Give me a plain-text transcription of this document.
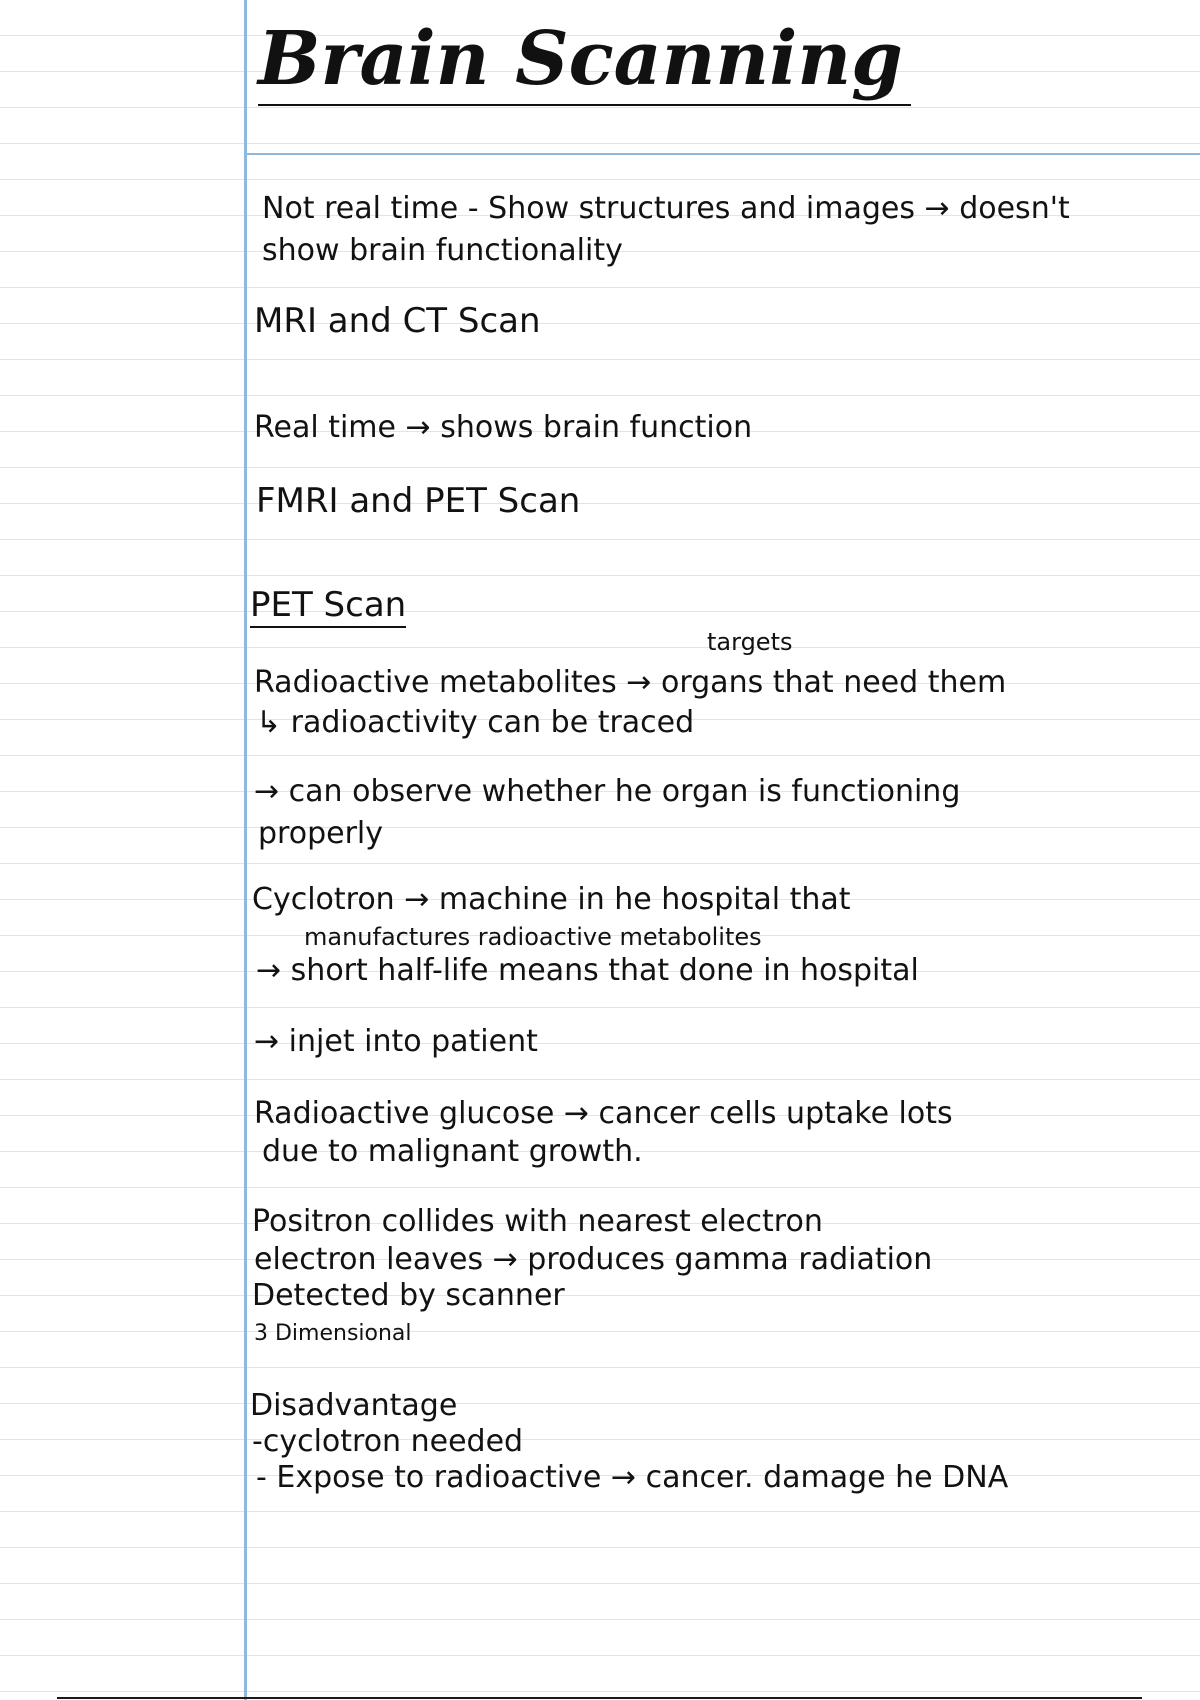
Brain Scanning

Not real time - Show structures and images → doesn't

show brain functionality

MRI and CT Scan

Real time → shows brain function

FMRI and PET Scan

PET Scan

targets

Radioactive metabolites → organs that need them

↳ radioactivity can be traced

→ can observe whether he organ is functioning

properly

Cyclotron → machine in he hospital that

manufactures radioactive metabolites

→ short half-life means that done in hospital

→ injet into patient

Radioactive glucose → cancer cells uptake lots

due to malignant growth.

Positron collides with nearest electron

electron leaves → produces gamma radiation

Detected by scanner

3 Dimensional

Disadvantage

-cyclotron needed

- Expose to radioactive → cancer. damage he DNA
